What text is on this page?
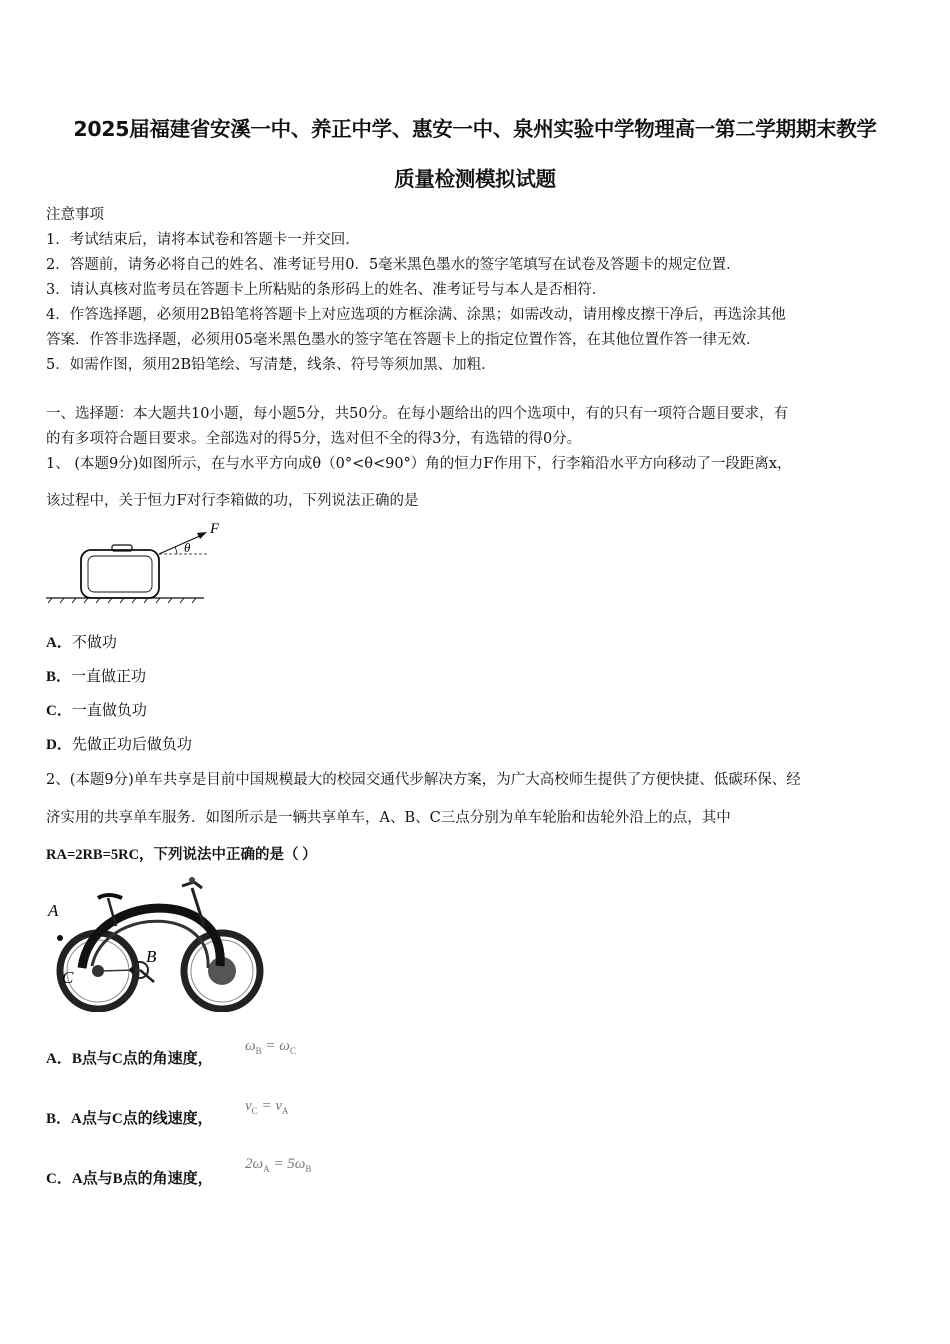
2025届福建省安溪一中、养正中学、惠安一中、泉州实验中学物理高一第二学期期末教学
质量检测模拟试题
注意事项
1．考试结束后，请将本试卷和答题卡一并交回．
2．答题前，请务必将自己的姓名、准考证号用0．5毫米黑色墨水的签字笔填写在试卷及答题卡的规定位置．
3．请认真核对监考员在答题卡上所粘贴的条形码上的姓名、准考证号与本人是否相符．
4．作答选择题，必须用2B铅笔将答题卡上对应选项的方框涂满、涂黑；如需改动，请用橡皮擦干净后，再选涂其他
答案．作答非选择题，必须用05毫米黑色墨水的签字笔在答题卡上的指定位置作答，在其他位置作答一律无效．
5．如需作图，须用2B铅笔绘、写清楚，线条、符号等须加黑、加粗．
一、选择题：本大题共10小题，每小题5分，共50分。在每小题给出的四个选项中，有的只有一项符合题目要求，有
的有多项符合题目要求。全部选对的得5分，选对但不全的得3分，有选错的得0分。
1、 (本题9分)如图所示，在与水平方向成θ（0°<θ<90°）角的恒力F作用下，行李箱沿水平方向移动了一段距离x，
该过程中，关于恒力F对行李箱做的功，下列说法正确的是
F
θ
A．不做功
B．一直做正功
C．一直做负功
D．先做正功后做负功
2、(本题9分)单车共享是目前中国规模最大的校园交通代步解决方案，为广大高校师生提供了方便快捷、低碳环保、经
济实用的共享单车服务．如图所示是一辆共享单车，A、B、C三点分别为单车轮胎和齿轮外沿上的点，其中
RA=2RB=5RC，下列说法中正确的是（ ）
A
B
C
A．B点与C点的角速度，
$\omega_B = \omega_C$
B．A点与C点的线速度，
$v_C = v_A$
C．A点与B点的角速度，
$2\omega_A = 5\omega_B$
